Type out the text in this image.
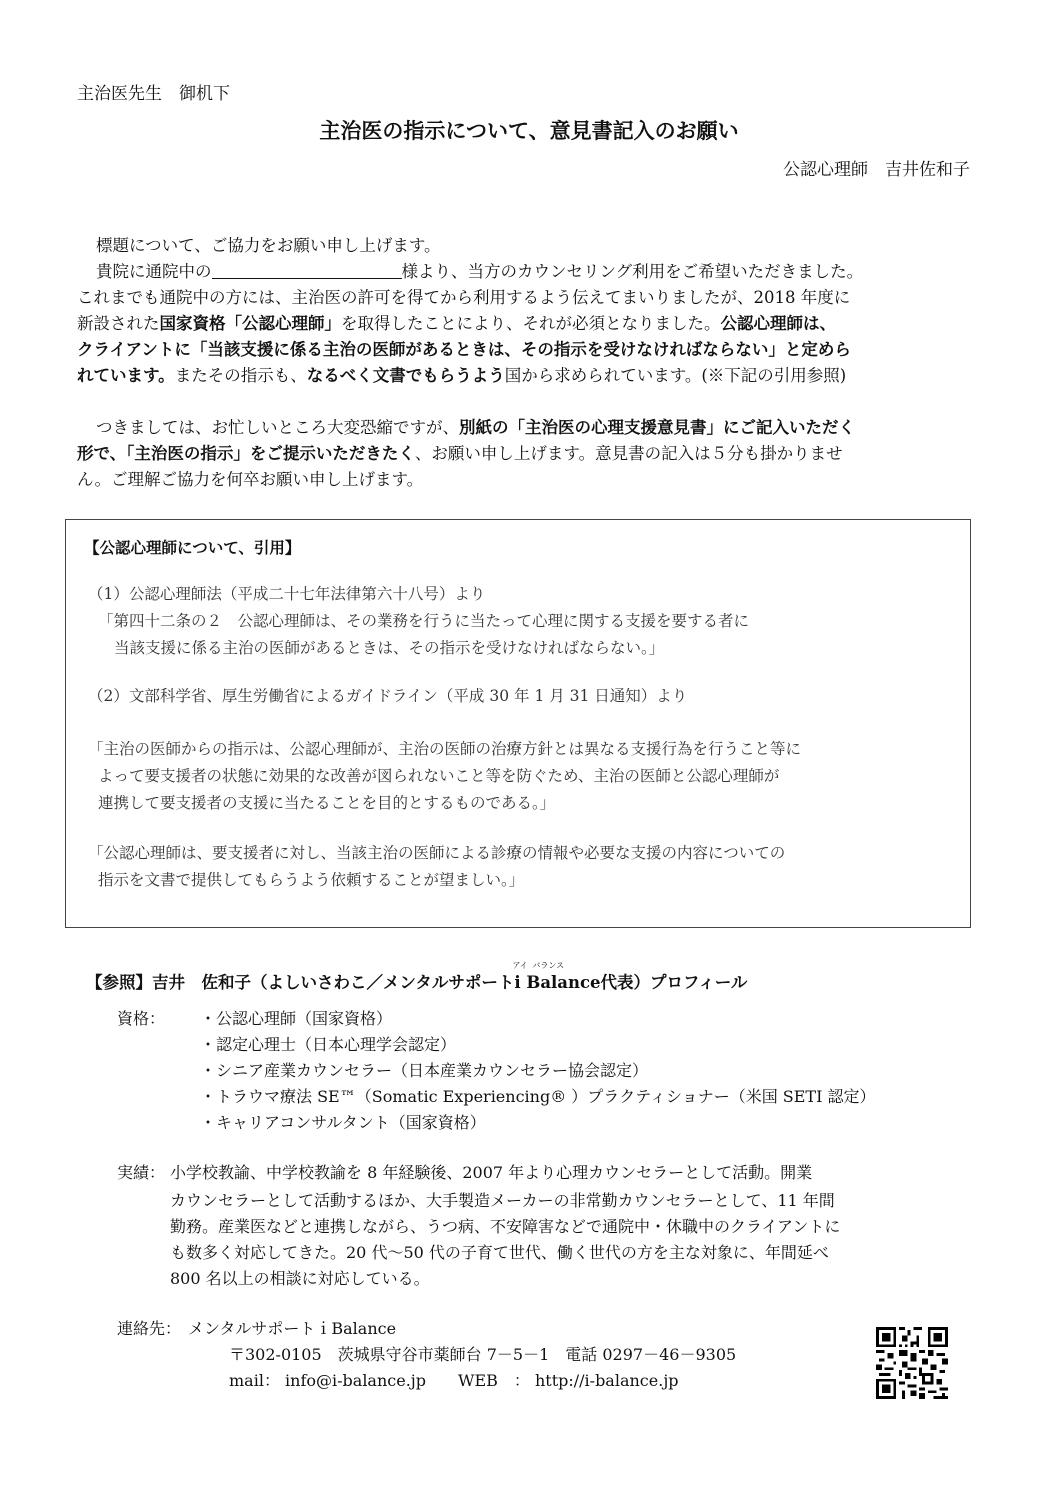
主治医先生　御机下
主治医の指示について、意見書記入のお願い
公認心理師　吉井佐和子
標題について、ご協力をお願い申し上げます。
貴院に通院中の	様より、当方のカウンセリング利用をご希望いただきました。
これまでも通院中の方には、主治医の許可を得てから利用するよう伝えてまいりましたが、2018 年度に
新設された国家資格「公認心理師」を取得したことにより、それが必須となりました。公認心理師は、
クライアントに「当該支援に係る主治の医師があるときは、その指示を受けなければならない」と定めら
れています。またその指示も、なるべく文書でもらうよう国から求められています。(※下記の引用参照)
つきましては、お忙しいところ大変恐縮ですが、別紙の「主治医の心理支援意見書」にご記入いただく
形で、「主治医の指示」をご提示いただきたく、お願い申し上げます。意見書の記入は５分も掛かりませ
ん。ご理解ご協力を何卒お願い申し上げます。
【公認心理師について、引用】
（1）公認心理師法（平成二十七年法律第六十八号）より
「第四十二条の２　公認心理師は、その業務を行うに当たって心理に関する支援を要する者に
当該支援に係る主治の医師があるときは、その指示を受けなければならない。」
（2）文部科学省、厚生労働省によるガイドライン（平成 30 年 1 月 31 日通知）より
「主治の医師からの指示は、公認心理師が、主治の医師の治療方針とは異なる支援行為を行うこと等に
よって要支援者の状態に効果的な改善が図られないこと等を防ぐため、主治の医師と公認心理師が
連携して要支援者の支援に当たることを目的とするものである。」
「公認心理師は、要支援者に対し、当該主治の医師による診療の情報や必要な支援の内容についての
指示を文書で提供してもらうよう依頼することが望ましい。」
【参照】吉井　佐和子（よしいさわこ／メンタルサポート
アイ
i
バランス
Balance代表）プロフィール
資格： ・公認心理師（国家資格）
・認定心理士（日本心理学会認定）
・シニア産業カウンセラー（日本産業カウンセラー協会認定）
・トラウマ療法 SE™（Somatic Experiencing® ）プラクティショナー（米国 SETI 認定）
・キャリアコンサルタント（国家資格）
実績： 小学校教諭、中学校教諭を 8 年経験後、2007 年より心理カウンセラーとして活動。開業
カウンセラーとして活動するほか、大手製造メーカーの非常勤カウンセラーとして、11 年間
勤務。産業医などと連携しながら、うつ病、不安障害などで通院中・休職中のクライアントに
も数多く対応してきた。20 代～50 代の子育て世代、働く世代の方を主な対象に、年間延べ
800 名以上の相談に対応している。
連絡先： メンタルサポートｉBalance
〒302-0105　茨城県守谷市薬師台 7－5－1　電話 0297－46－9305
mail： info@i-balance.jp　　WEB　： http://i-balance.jp
